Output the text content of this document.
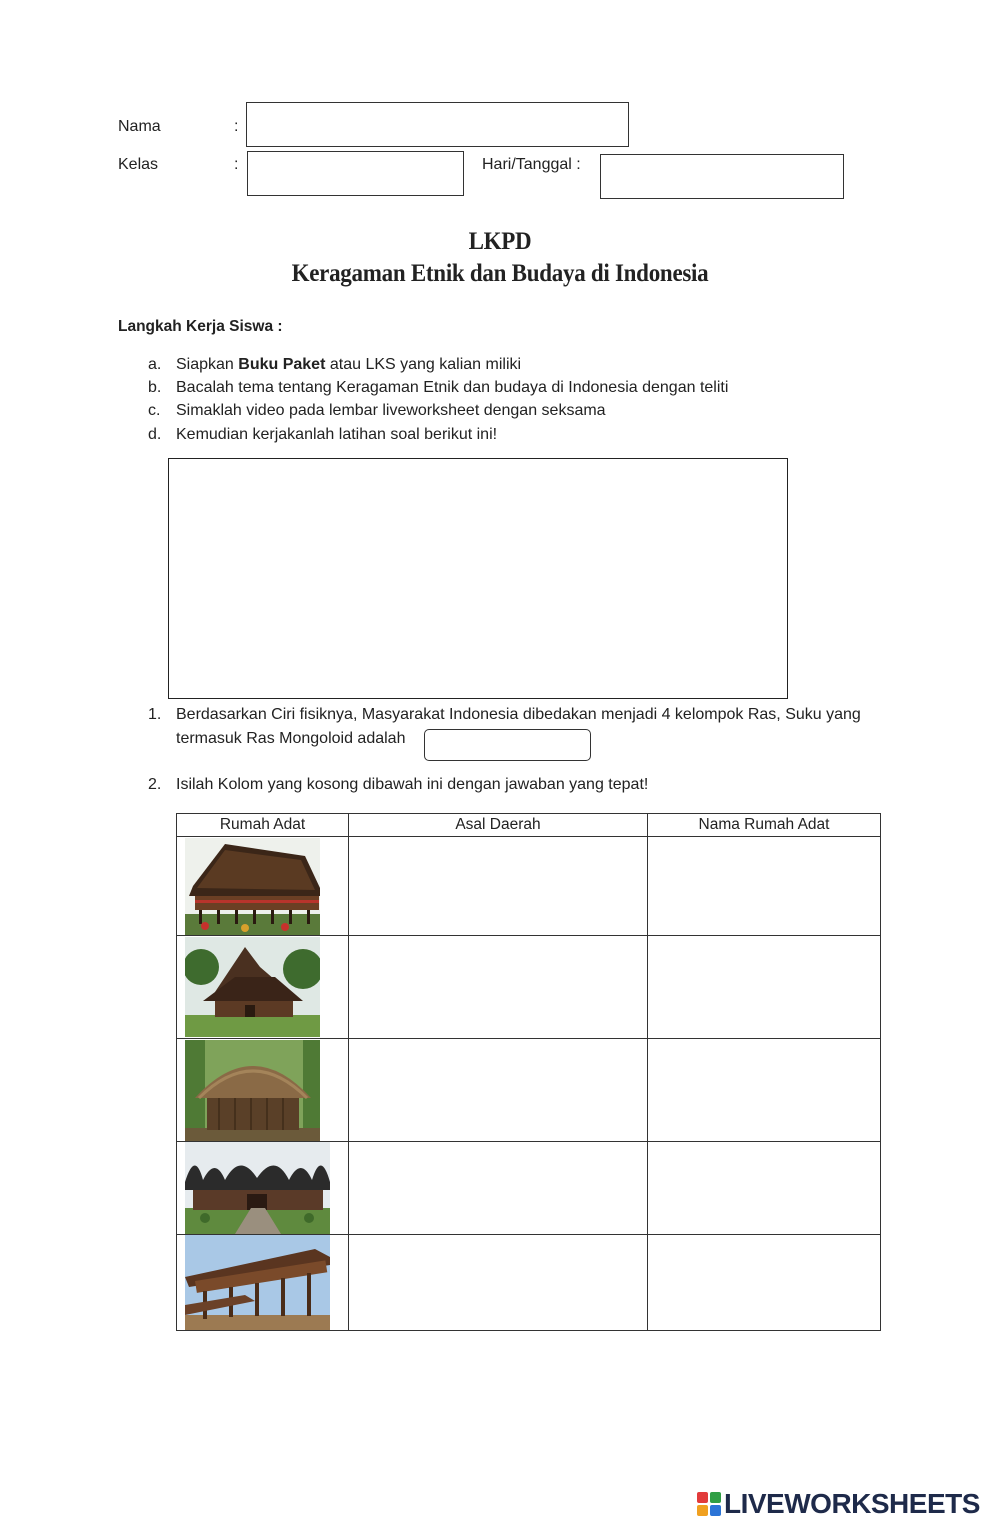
Nama	:
Kelas	:	Hari/Tanggal :
LKPD
Keragaman Etnik dan Budaya di Indonesia
Langkah Kerja Siswa :
a. Siapkan Buku Paket atau LKS yang kalian miliki
b. Bacalah tema tentang Keragaman Etnik dan budaya di Indonesia dengan teliti
c. Simaklah video pada lembar liveworksheet dengan seksama
d. Kemudian kerjakanlah latihan soal berikut ini!
1. Berdasarkan Ciri fisiknya, Masyarakat Indonesia dibedakan menjadi 4 kelompok Ras, Suku yang
termasuk Ras Mongoloid adalah
2. Isilah Kolom yang kosong dibawah ini dengan jawaban yang tepat!
Rumah Adat	Asal Daerah	Nama Rumah Adat

LIVEWORKSHEETS
